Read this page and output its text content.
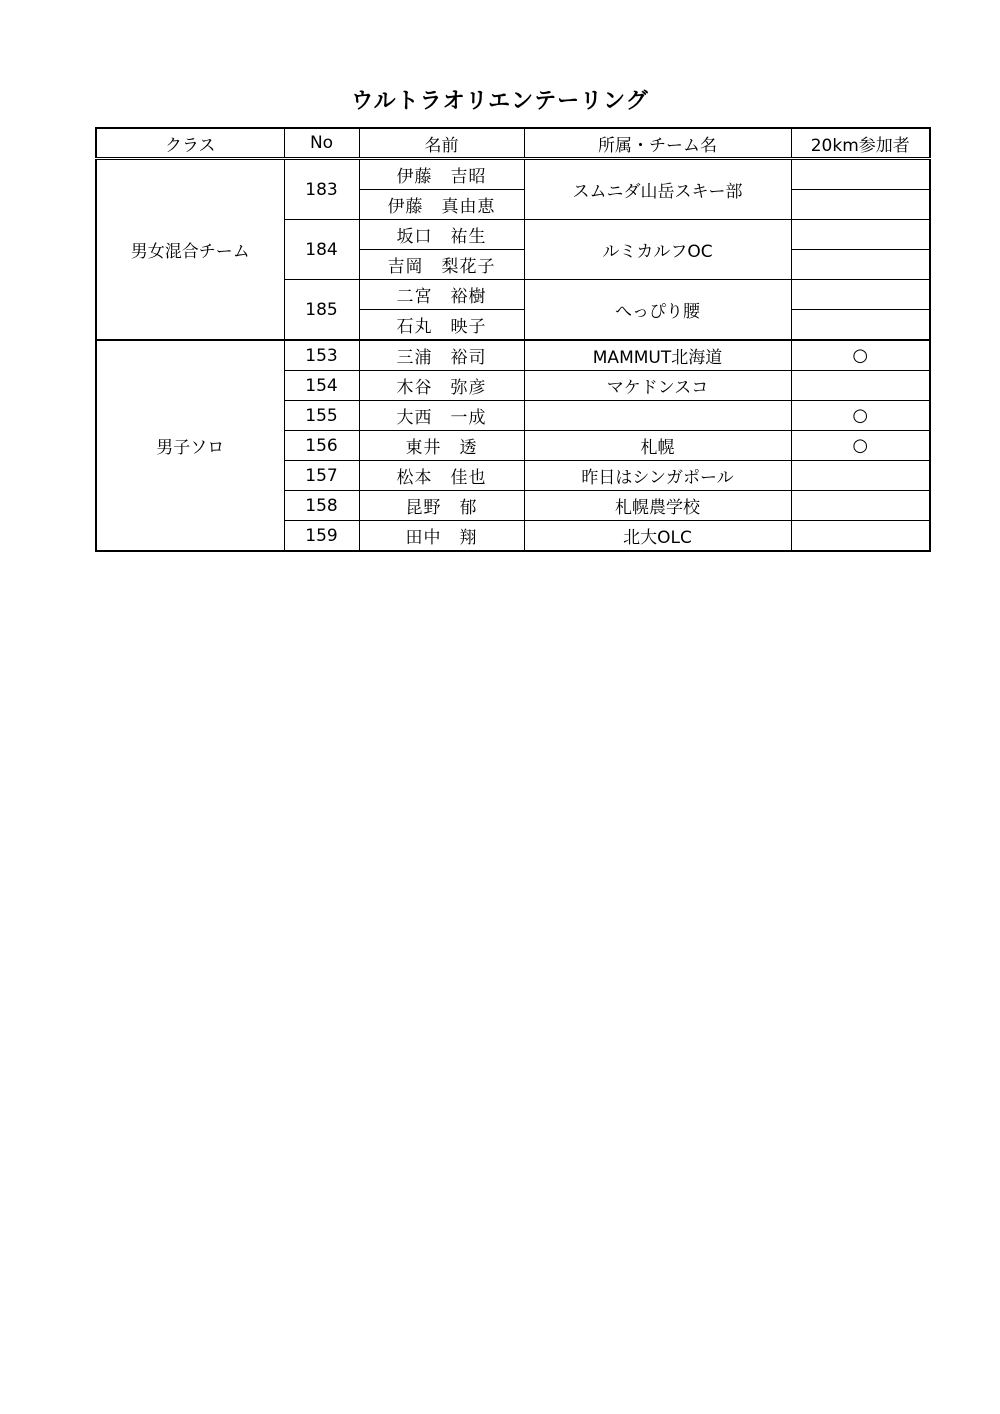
ウルトラオリエンテーリング
クラス	No	名前	所属・チーム名	20km参加者
男女混合チーム	183	伊藤　吉昭	スムニダ山岳スキー部	
		伊藤　真由恵		
	184	坂口　祐生	ルミカルフOC	
		吉岡　梨花子		
	185	二宮　裕樹	へっぴり腰	
		石丸　映子		
男子ソロ	153	三浦　裕司	MAMMUT北海道	○
	154	木谷　弥彦	マケドンスコ	
	155	大西　一成		○
	156	東井　透	札幌	○
	157	松本　佳也	昨日はシンガポール	
	158	昆野　郁	札幌農学校	
	159	田中　翔	北大OLC	
